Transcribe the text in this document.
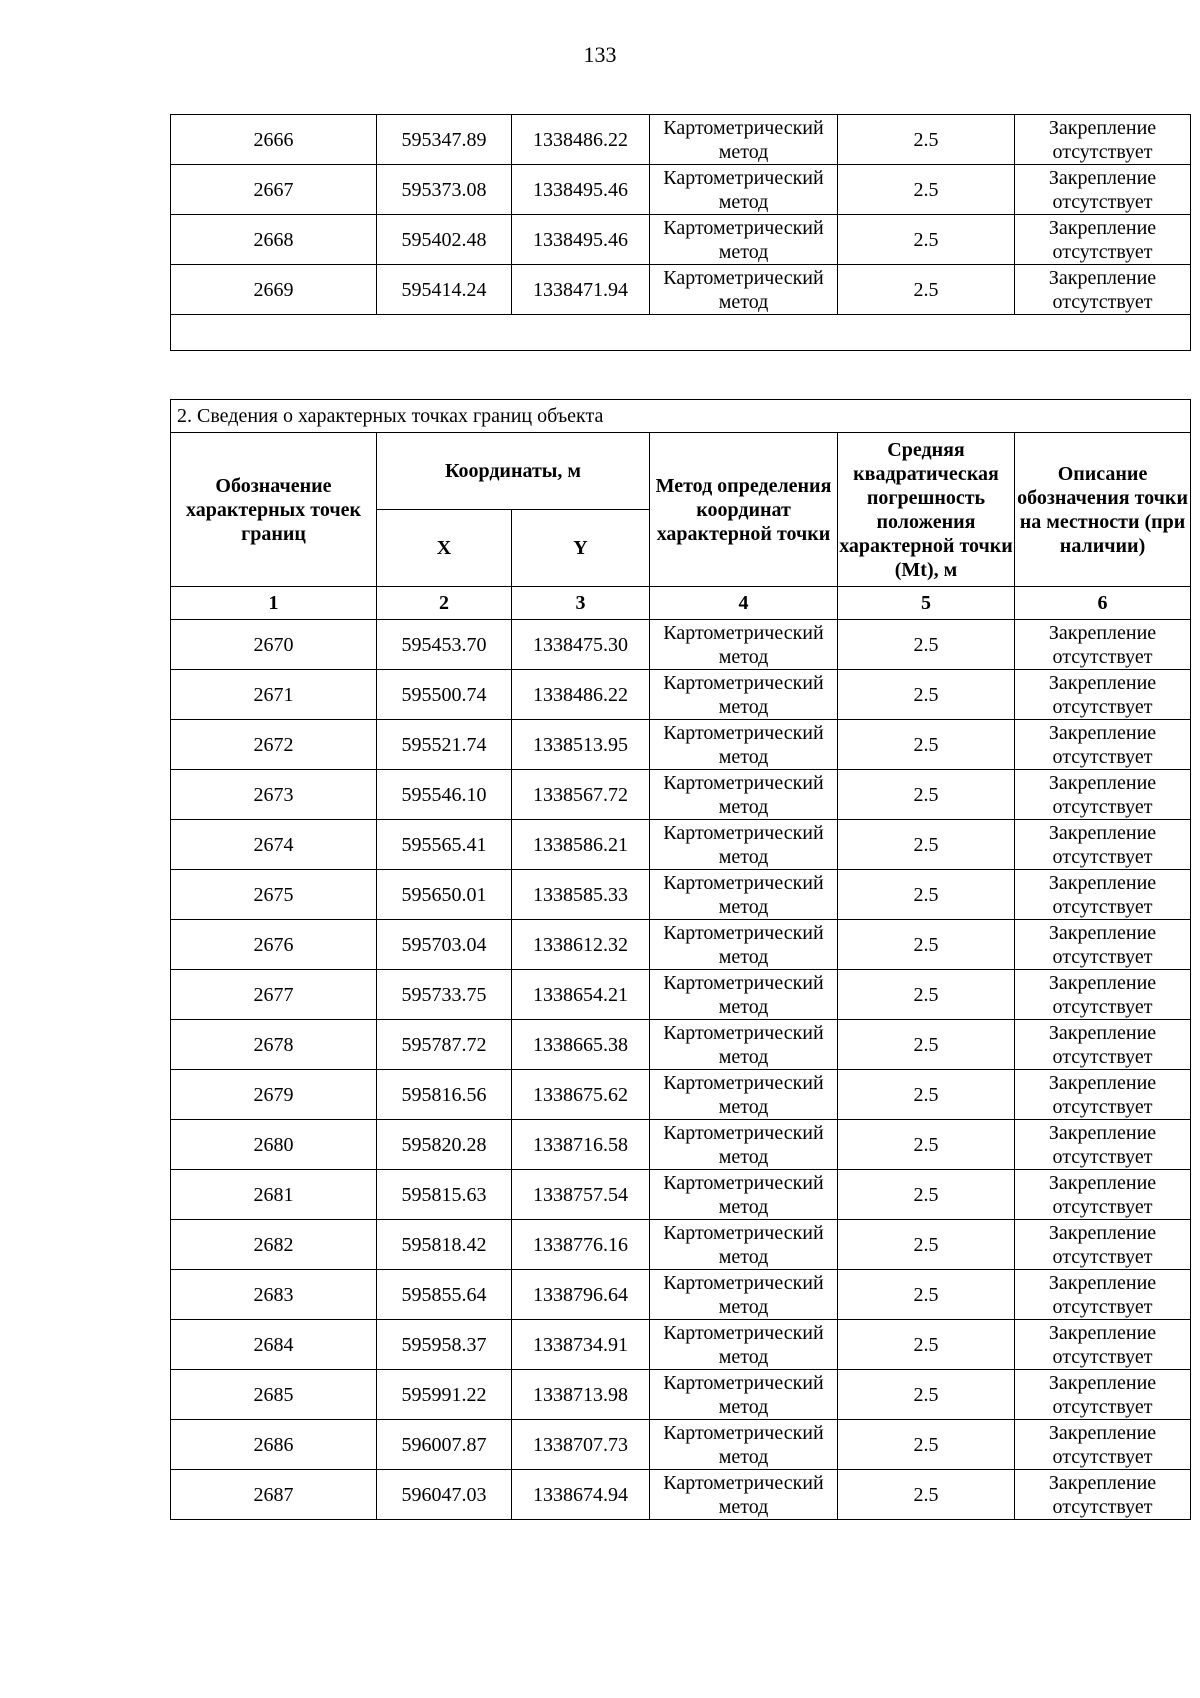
133
2666	595347.89	1338486.22	Картометрический метод	2.5	Закрепление отсутствует
2667	595373.08	1338495.46	Картометрический метод	2.5	Закрепление отсутствует
2668	595402.48	1338495.46	Картометрический метод	2.5	Закрепление отсутствует
2669	595414.24	1338471.94	Картометрический метод	2.5	Закрепление отсутствует

2. Сведения о характерных точках границ объекта					
Обозначение характерных точек границ	Координаты, м		Метод определения координат характерной точки	Средняя квадратическая погрешность положения характерной точки (Mt), м	Описание обозначения точки на местности (при наличии)
	X	Y			
1	2	3	4	5	6
2670	595453.70	1338475.30	Картометрический метод	2.5	Закрепление отсутствует
2671	595500.74	1338486.22	Картометрический метод	2.5	Закрепление отсутствует
2672	595521.74	1338513.95	Картометрический метод	2.5	Закрепление отсутствует
2673	595546.10	1338567.72	Картометрический метод	2.5	Закрепление отсутствует
2674	595565.41	1338586.21	Картометрический метод	2.5	Закрепление отсутствует
2675	595650.01	1338585.33	Картометрический метод	2.5	Закрепление отсутствует
2676	595703.04	1338612.32	Картометрический метод	2.5	Закрепление отсутствует
2677	595733.75	1338654.21	Картометрический метод	2.5	Закрепление отсутствует
2678	595787.72	1338665.38	Картометрический метод	2.5	Закрепление отсутствует
2679	595816.56	1338675.62	Картометрический метод	2.5	Закрепление отсутствует
2680	595820.28	1338716.58	Картометрический метод	2.5	Закрепление отсутствует
2681	595815.63	1338757.54	Картометрический метод	2.5	Закрепление отсутствует
2682	595818.42	1338776.16	Картометрический метод	2.5	Закрепление отсутствует
2683	595855.64	1338796.64	Картометрический метод	2.5	Закрепление отсутствует
2684	595958.37	1338734.91	Картометрический метод	2.5	Закрепление отсутствует
2685	595991.22	1338713.98	Картометрический метод	2.5	Закрепление отсутствует
2686	596007.87	1338707.73	Картометрический метод	2.5	Закрепление отсутствует
2687	596047.03	1338674.94	Картометрический метод	2.5	Закрепление отсутствует
